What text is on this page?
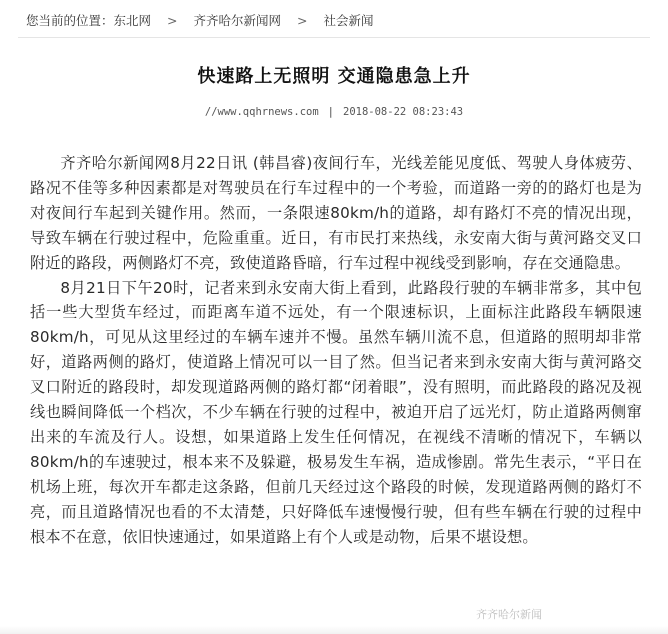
您当前的位置：东北网 > 齐齐哈尔新闻网 > 社会新闻
快速路上无照明 交通隐患急上升
//www.qqhrnews.com | 2018-08-22 08:23:43

齐齐哈尔新闻网8月22日讯 (韩昌睿)夜间行车，光线差能见度低、驾驶人身体疲劳、路况不佳等多种因素都是对驾驶员在行车过程中的一个考验，而道路一旁的的路灯也是为对夜间行车起到关键作用。然而，一条限速80km/h的道路，却有路灯不亮的情况出现，导致车辆在行驶过程中，危险重重。近日，有市民打来热线，永安南大街与黄河路交叉口附近的路段，两侧路灯不亮，致使道路昏暗，行车过程中视线受到影响，存在交通隐患。

8月21日下午20时，记者来到永安南大街上看到，此路段行驶的车辆非常多，其中包括一些大型货车经过，而距离车道不远处，有一个限速标识，上面标注此路段车辆限速80km/h，可见从这里经过的车辆车速并不慢。虽然车辆川流不息，但道路的照明却非常好，道路两侧的路灯，使道路上情况可以一目了然。但当记者来到永安南大街与黄河路交叉口附近的路段时，却发现道路两侧的路灯都“闭着眼”，没有照明，而此路段的路况及视线也瞬间降低一个档次，不少车辆在行驶的过程中，被迫开启了远光灯，防止道路两侧窜出来的车流及行人。设想，如果道路上发生任何情况，在视线不清晰的情况下，车辆以80km/h的车速驶过，根本来不及躲避，极易发生车祸，造成惨剧。常先生表示，“平日在机场上班，每次开车都走这条路，但前几天经过这个路段的时候，发现道路两侧的路灯不亮，而且道路情况也看的不太清楚，只好降低车速慢慢行驶，但有些车辆在行驶的过程中根本不在意，依旧快速通过，如果道路上有个人或是动物，后果不堪设想。

齐齐哈尔新闻
